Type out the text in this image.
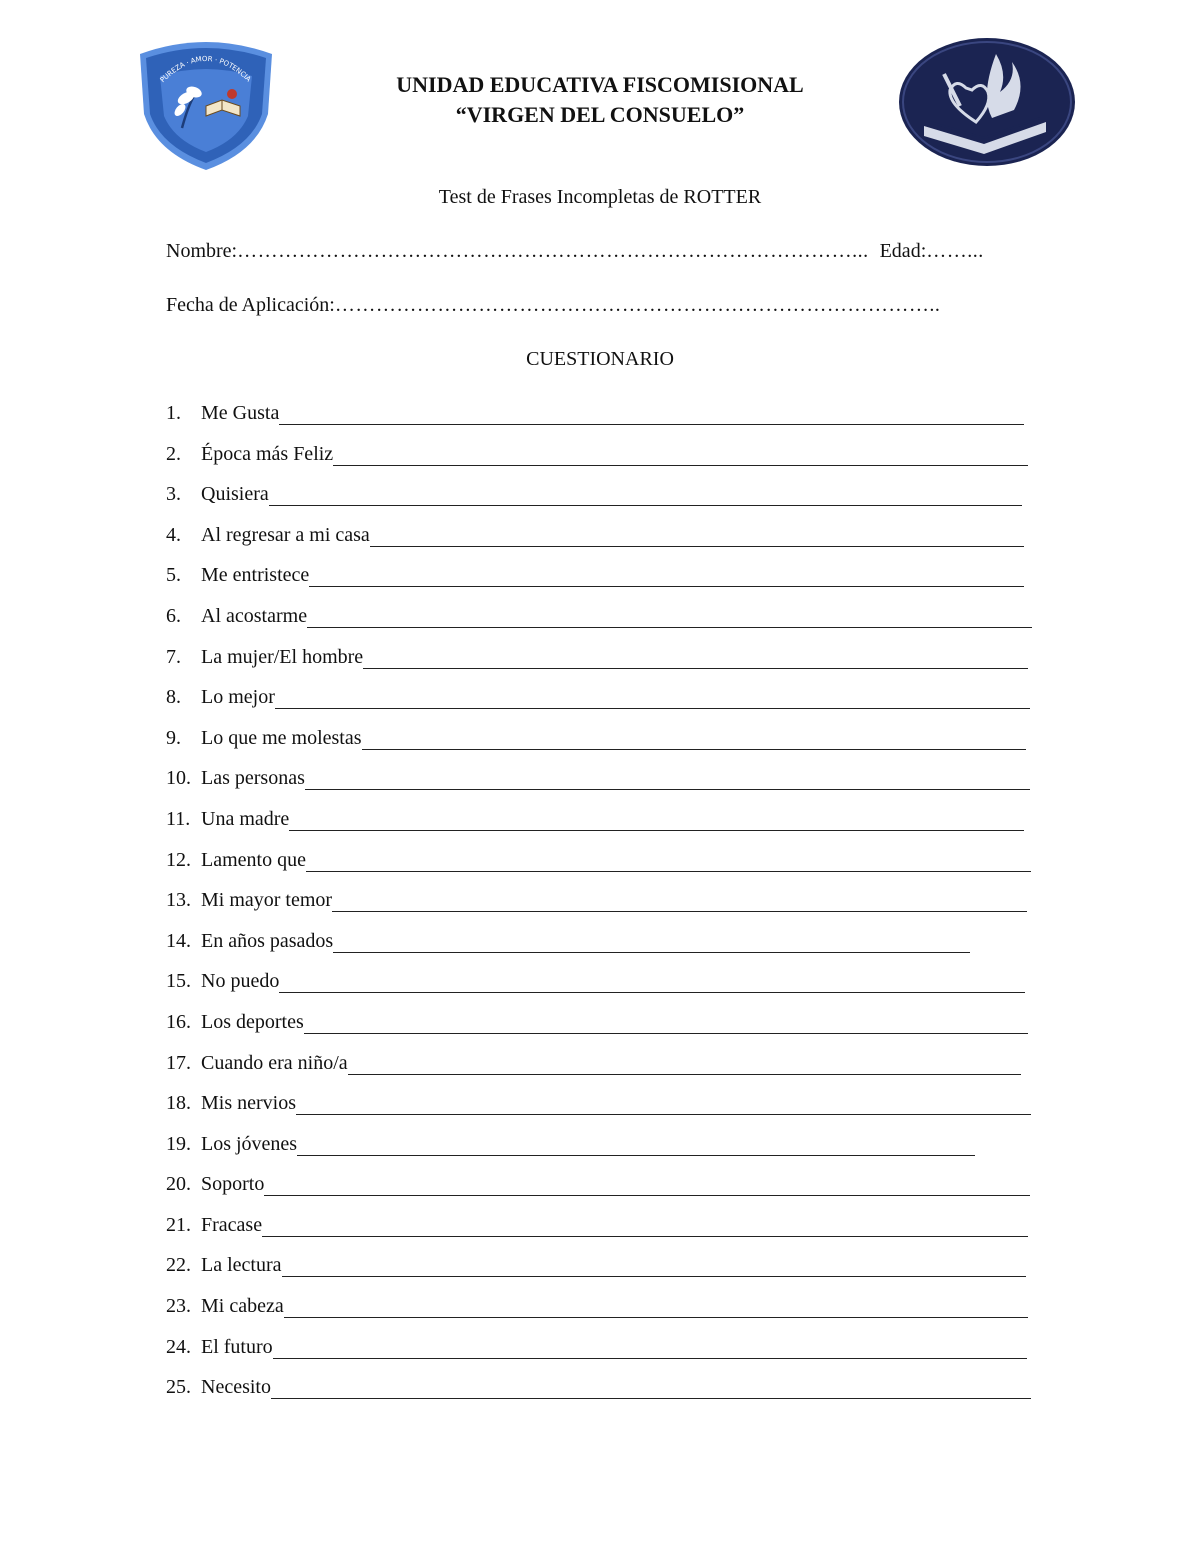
PUREZA · AMOR · POTENCIA	UNIDAD EDUCATIVA FISCOMISIONAL
“VIRGEN DEL CONSUELO”
Test de Frases Incompletas de ROTTER
Nombre:………………………………………………………………………………... Edad:……...
Fecha de Aplicación:……………………………………………………………………………..
CUESTIONARIO
1.	Me Gusta
2.	Época más Feliz
3.	Quisiera
4.	Al regresar a mi casa
5.	Me entristece
6.	Al acostarme
7.	La mujer/El hombre
8.	Lo mejor
9.	Lo que me molestas
10. Las personas
11. Una madre
12. Lamento que
13. Mi mayor temor
14. En años pasados
15. No puedo
16. Los deportes
17. Cuando era niño/a
18. Mis nervios
19. Los jóvenes
20. Soporto
21. Fracase
22. La lectura
23. Mi cabeza
24. El futuro
25. Necesito
